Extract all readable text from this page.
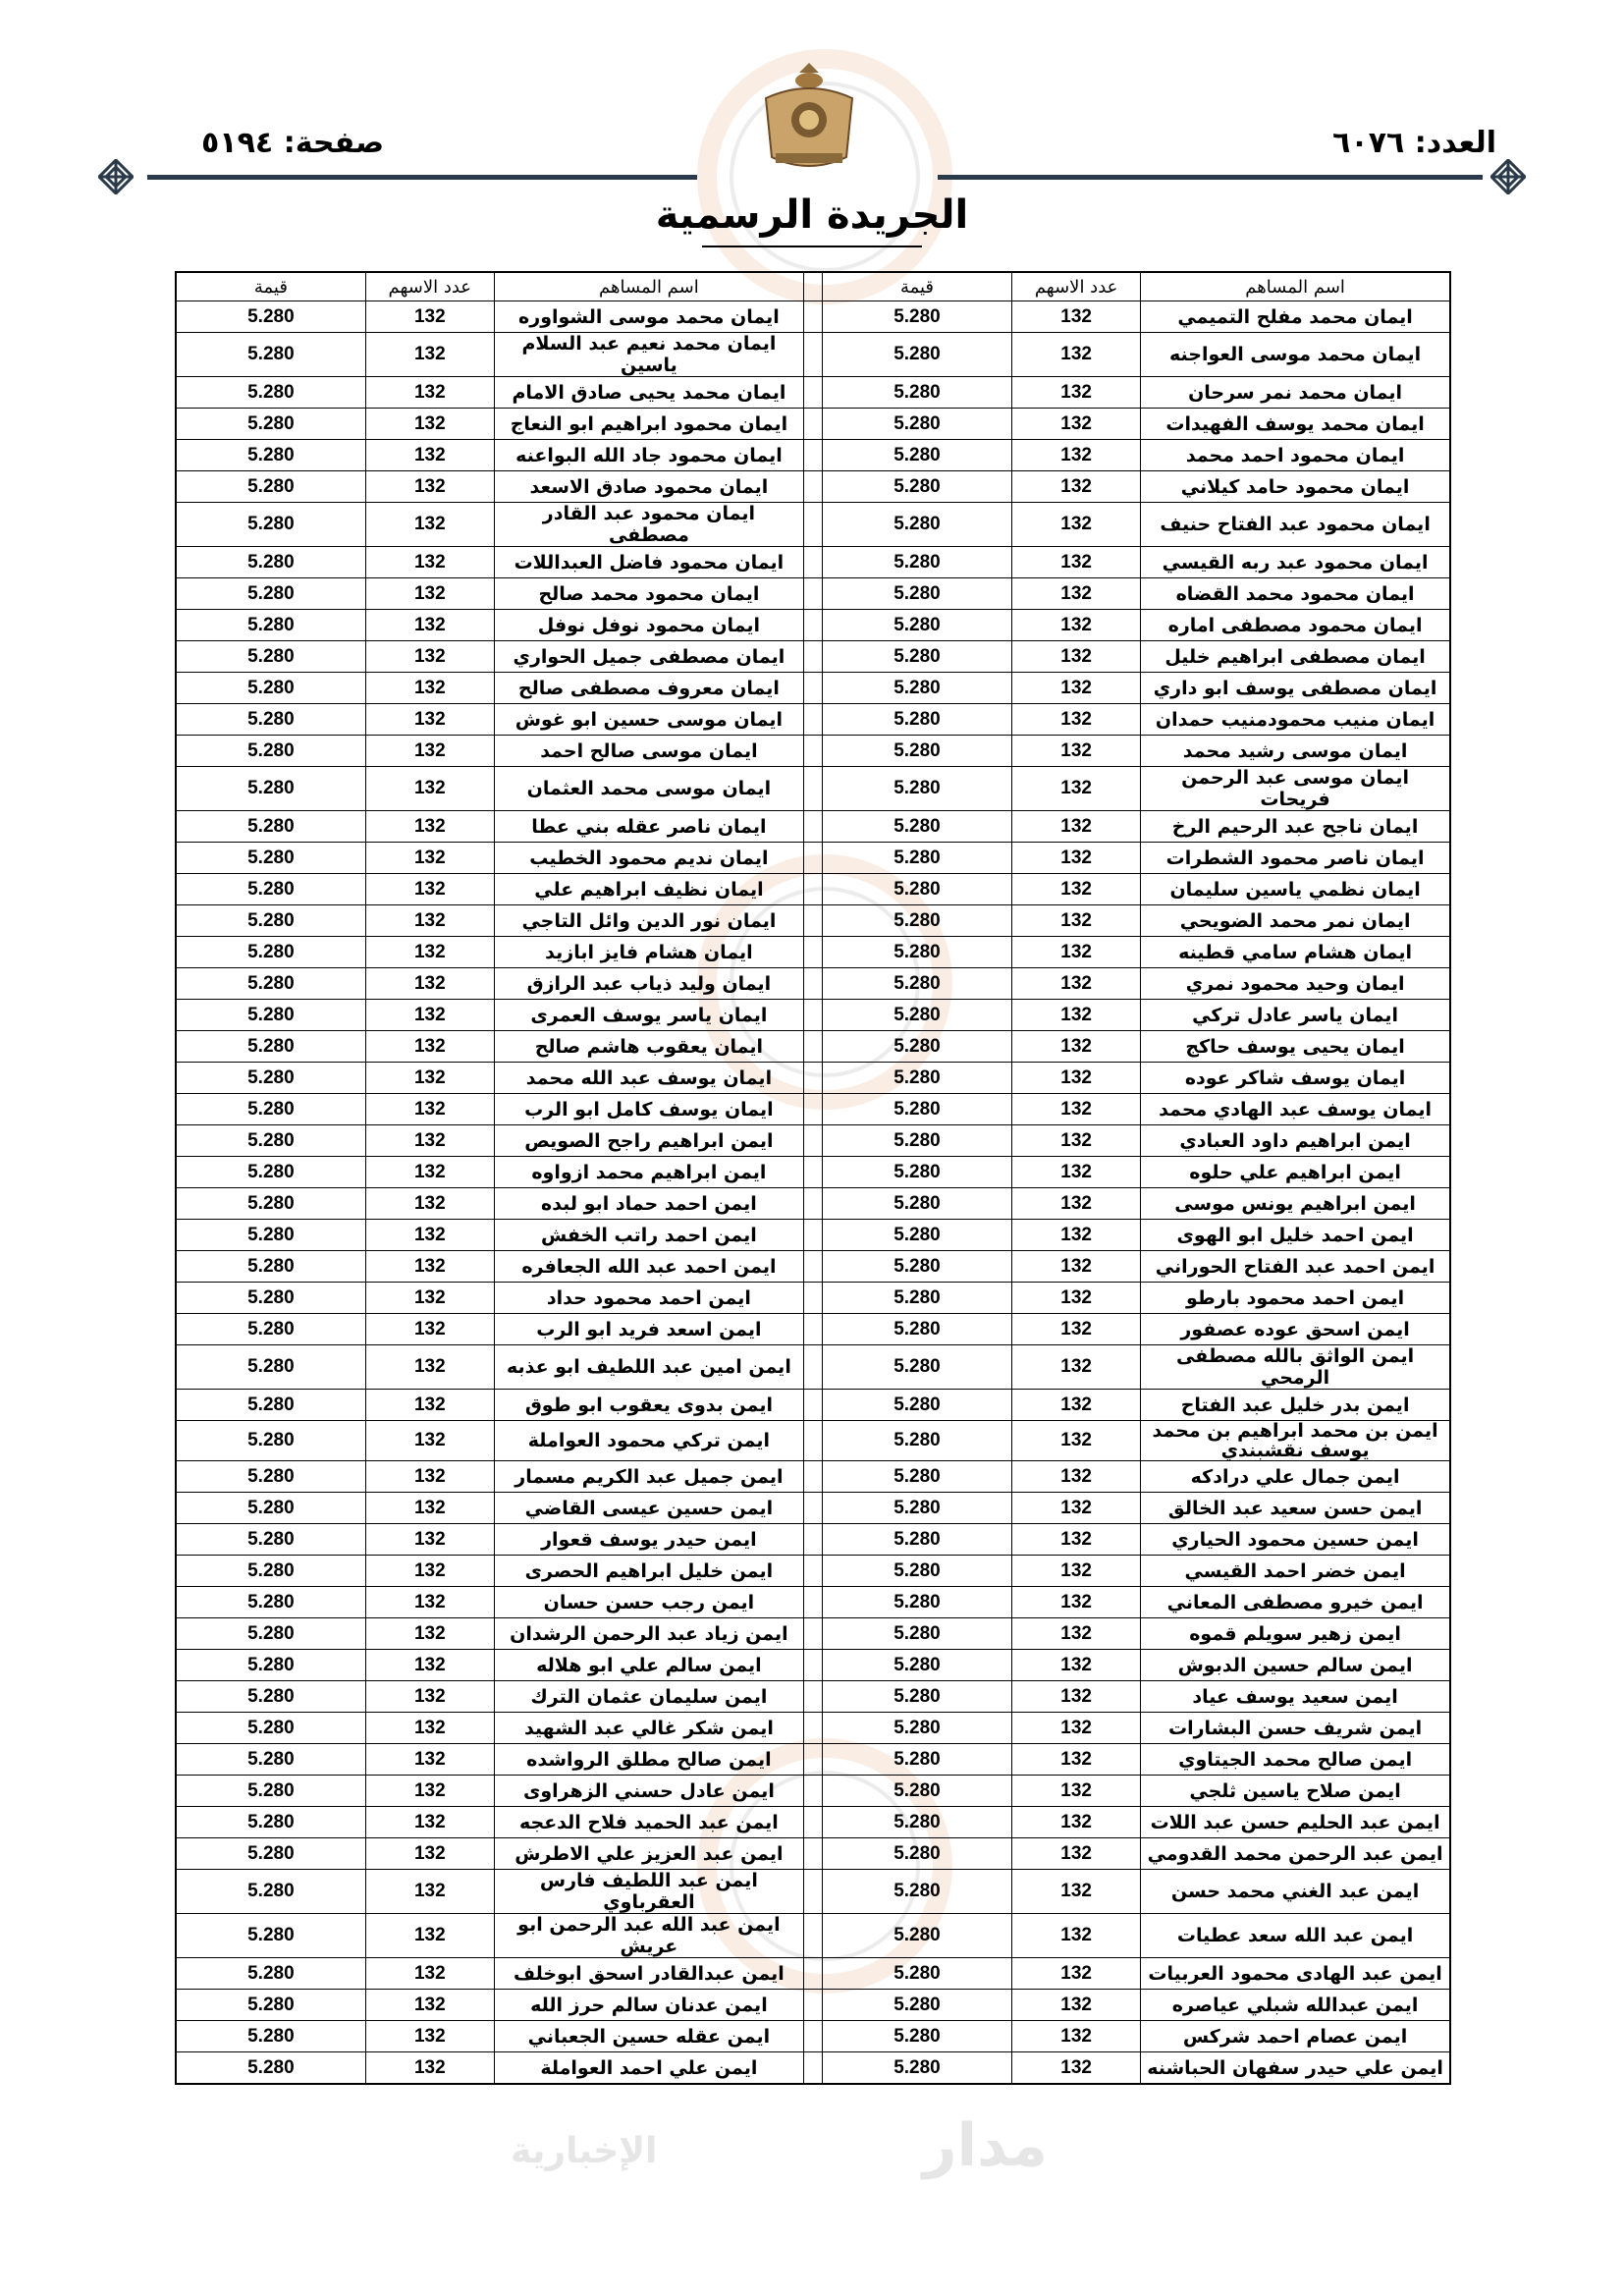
مدار
الإخبارية
العدد: ٦٠٧٦
صفحة: ٥١٩٤
الجريدة الرسمية
اسم المساهم	عدد الاسهم	قيمة		اسم المساهم	عدد الاسهم	قيمة
ايمان محمد مفلح التميمي	132	5.280		ايمان محمد موسى الشواوره	132	5.280
ايمان محمد موسى العواجنه	132	5.280		ايمان محمد نعيم عبد السلام ياسين	132	5.280
ايمان محمد نمر سرحان	132	5.280		ايمان محمد يحيى صادق الامام	132	5.280
ايمان محمد يوسف الفهيدات	132	5.280		ايمان محمود ابراهيم ابو النعاج	132	5.280
ايمان محمود احمد محمد	132	5.280		ايمان محمود جاد الله البواعنه	132	5.280
ايمان محمود حامد كيلاني	132	5.280		ايمان محمود صادق الاسعد	132	5.280
ايمان محمود عبد الفتاح حنيف	132	5.280		ايمان محمود عبد القادر مصطفى	132	5.280
ايمان محمود عبد ربه القيسي	132	5.280		ايمان محمود فاضل العبداللات	132	5.280
ايمان محمود محمد القضاه	132	5.280		ايمان محمود محمد صالح	132	5.280
ايمان محمود مصطفى اماره	132	5.280		ايمان محمود نوفل نوفل	132	5.280
ايمان مصطفى ابراهيم خليل	132	5.280		ايمان مصطفى جميل الحواري	132	5.280
ايمان مصطفى يوسف ابو داري	132	5.280		ايمان معروف مصطفى صالح	132	5.280
ايمان منيب محمودمنيب حمدان	132	5.280		ايمان موسى حسين ابو غوش	132	5.280
ايمان موسى رشيد محمد	132	5.280		ايمان موسى صالح احمد	132	5.280
ايمان موسى عبد الرحمن فريحات	132	5.280		ايمان موسى محمد العثمان	132	5.280
ايمان ناجح عبد الرحيم الرخ	132	5.280		ايمان ناصر عقله بني عطا	132	5.280
ايمان ناصر محمود الشطرات	132	5.280		ايمان نديم محمود الخطيب	132	5.280
ايمان نظمي ياسين سليمان	132	5.280		ايمان نظيف ابراهيم علي	132	5.280
ايمان نمر محمد الضويحي	132	5.280		ايمان نور الدين وائل التاجي	132	5.280
ايمان هشام سامي قطينه	132	5.280		ايمان هشام فايز ابازيد	132	5.280
ايمان وحيد محمود نمري	132	5.280		ايمان وليد ذياب عبد الرازق	132	5.280
ايمان ياسر عادل تركي	132	5.280		ايمان ياسر يوسف العمرى	132	5.280
ايمان يحيى يوسف حاكج	132	5.280		ايمان يعقوب هاشم صالح	132	5.280
ايمان يوسف شاكر عوده	132	5.280		ايمان يوسف عبد الله محمد	132	5.280
ايمان يوسف عبد الهادي محمد	132	5.280		ايمان يوسف كامل ابو الرب	132	5.280
ايمن ابراهيم داود العبادي	132	5.280		ايمن ابراهيم راجح الصويص	132	5.280
ايمن ابراهيم علي حلوه	132	5.280		ايمن ابراهيم محمد ازواوه	132	5.280
ايمن ابراهيم يونس موسى	132	5.280		ايمن احمد حماد ابو لبده	132	5.280
ايمن احمد خليل ابو الهوى	132	5.280		ايمن احمد راتب الخفش	132	5.280
ايمن احمد عبد الفتاح الحوراني	132	5.280		ايمن احمد عبد الله الجعافره	132	5.280
ايمن احمد محمود بارطو	132	5.280		ايمن احمد محمود حداد	132	5.280
ايمن اسحق عوده عصفور	132	5.280		ايمن اسعد فريد ابو الرب	132	5.280
ايمن الواثق بالله مصطفى الرمحي	132	5.280		ايمن امين عبد اللطيف ابو عذبه	132	5.280
ايمن بدر خليل عبد الفتاح	132	5.280		ايمن بدوى يعقوب ابو طوق	132	5.280
ايمن بن محمد ابراهيم بن محمد يوسف نقشبندي	132	5.280		ايمن تركي محمود العواملة	132	5.280
ايمن جمال علي درادكه	132	5.280		ايمن جميل عبد الكريم مسمار	132	5.280
ايمن حسن سعيد عبد الخالق	132	5.280		ايمن حسين عيسى القاضي	132	5.280
ايمن حسين محمود الحياري	132	5.280		ايمن حيدر يوسف قعوار	132	5.280
ايمن خضر احمد القيسي	132	5.280		ايمن خليل ابراهيم الحصرى	132	5.280
ايمن خيرو مصطفى المعاني	132	5.280		ايمن رجب حسن حسان	132	5.280
ايمن زهير سويلم قموه	132	5.280		ايمن زياد عبد الرحمن الرشدان	132	5.280
ايمن سالم حسين الدبوش	132	5.280		ايمن سالم علي ابو هلاله	132	5.280
ايمن سعيد يوسف عياد	132	5.280		ايمن سليمان عثمان الترك	132	5.280
ايمن شريف حسن البشارات	132	5.280		ايمن شكر غالي عبد الشهيد	132	5.280
ايمن صالح محمد الجيتاوي	132	5.280		ايمن صالح مطلق الرواشده	132	5.280
ايمن صلاح ياسين ثلجي	132	5.280		ايمن عادل حسني الزهراوى	132	5.280
ايمن عبد الحليم حسن عبد اللات	132	5.280		ايمن عبد الحميد فلاح الدعجه	132	5.280
ايمن عبد الرحمن محمد القدومي	132	5.280		ايمن عبد العزيز علي الاطرش	132	5.280
ايمن عبد الغني محمد حسن	132	5.280		ايمن عبد اللطيف فارس العقرباوي	132	5.280
ايمن عبد الله سعد عطيات	132	5.280		ايمن عبد الله عبد الرحمن ابو عريش	132	5.280
ايمن عبد الهادى محمود العربيات	132	5.280		ايمن عبدالقادر اسحق ابوخلف	132	5.280
ايمن عبدالله شبلي عياصره	132	5.280		ايمن عدنان سالم حرز الله	132	5.280
ايمن عصام احمد شركس	132	5.280		ايمن عقله حسين الجعباني	132	5.280
ايمن علي حيدر سفهان الحباشنه	132	5.280		ايمن علي احمد العواملة	132	5.280
